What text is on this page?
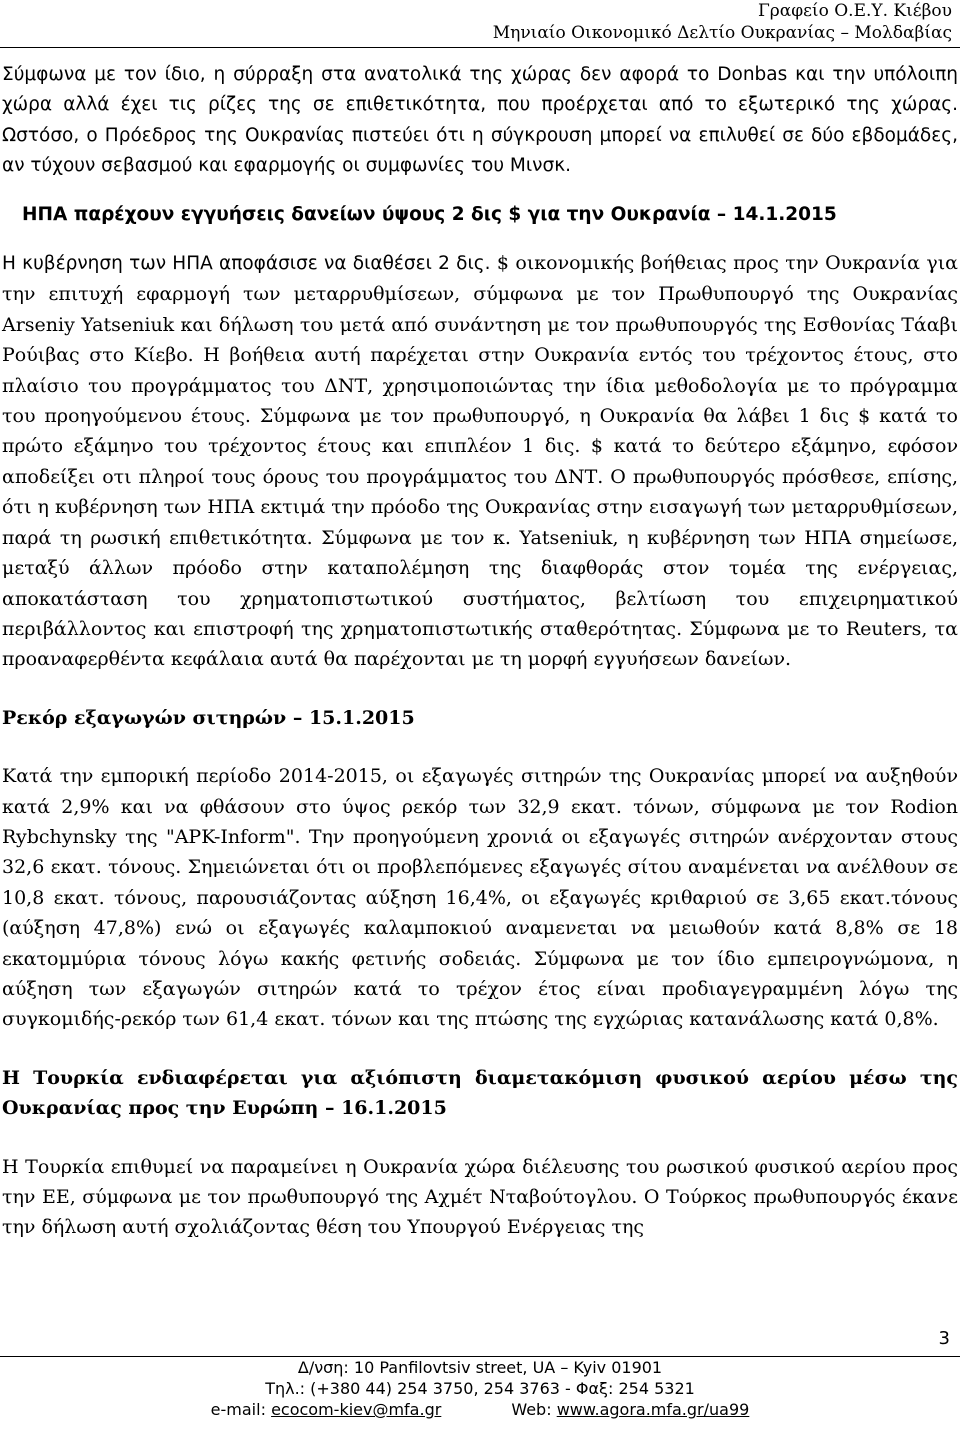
Γραφείο Ο.Ε.Υ. Κιέβου
Μηνιαίο Οικονομικό Δελτίο Ουκρανίας – Μολδαβίας

Σύμφωνα με τον ίδιο, η σύρραξη στα ανατολικά της χώρας δεν αφορά το Donbas και την υπόλοιπη χώρα αλλά έχει τις ρίζες της σε επιθετικότητα, που προέρχεται από το εξωτερικό της χώρας. Ωστόσο, ο Πρόεδρος της Ουκρανίας πιστεύει ότι η σύγκρουση μπορεί να επιλυθεί σε δύο εβδομάδες, αν τύχουν σεβασμού και εφαρμογής οι συμφωνίες του Μινσκ.

ΗΠΑ παρέχουν εγγυήσεις δανείων ύψους 2 δις $ για την Ουκρανία – 14.1.2015

Η κυβέρνηση των ΗΠΑ αποφάσισε να διαθέσει 2 δις. $ οικονομικής βοήθειας προς την Ουκρανία για την επιτυχή εφαρμογή των μεταρρυθμίσεων, σύμφωνα με τον Πρωθυπουργό της Ουκρανίας Arseniy Yatseniuk και δήλωση του μετά από συνάντηση με τον πρωθυπουργός της Εσθονίας Τάαβι Ρούιβας στο Κίεβο. Η βοήθεια αυτή παρέχεται στην Ουκρανία εντός του τρέχοντος έτους, στο πλαίσιο του προγράμματος του ΔΝΤ, χρησιμοποιώντας την ίδια μεθοδολογία με το πρόγραμμα του προηγούμενου έτους. Σύμφωνα με τον πρωθυπουργό, η Ουκρανία θα λάβει 1 δις $ κατά το πρώτο εξάμηνο του τρέχοντος έτους και επιπλέον 1 δις. $ κατά το δεύτερο εξάμηνο, εφόσον αποδείξει οτι πληροί τους όρους του προγράμματος του ΔΝΤ. Ο πρωθυπουργός πρόσθεσε, επίσης, ότι η κυβέρνηση των ΗΠΑ εκτιμά την πρόοδο της Ουκρανίας στην εισαγωγή των μεταρρυθμίσεων, παρά τη ρωσική επιθετικότητα. Σύμφωνα με τον κ. Yatseniuk, η κυβέρνηση των ΗΠΑ σημείωσε, μεταξύ άλλων πρόοδο στην καταπολέμηση της διαφθοράς στον τομέα της ενέργειας, αποκατάσταση του χρηματοπιστωτικού συστήματος, βελτίωση του επιχειρηματικού περιβάλλοντος και επιστροφή της χρηματοπιστωτικής σταθερότητας. Σύμφωνα με το Reuters, τα προαναφερθέντα κεφάλαια αυτά θα παρέχονται με τη μορφή εγγυήσεων δανείων.

Ρεκόρ εξαγωγών σιτηρών – 15.1.2015

Κατά την εμπορική περίοδο 2014-2015, οι εξαγωγές σιτηρών της Ουκρανίας μπορεί να αυξηθούν κατά 2,9% και να φθάσουν στο ύψος ρεκόρ των 32,9 εκατ. τόνων, σύμφωνα με τον Rodion Rybchynsky της "APK-Inform". Την προηγούμενη χρονιά οι εξαγωγές σιτηρών ανέρχονταν στους 32,6 εκατ. τόνους. Σημειώνεται ότι οι προβλεπόμενες εξαγωγές σίτου αναμένεται να ανέλθουν σε 10,8 εκατ. τόνους, παρουσιάζοντας αύξηση 16,4%, οι εξαγωγές κριθαριού σε 3,65 εκατ.τόνους (αύξηση 47,8%) ενώ οι εξαγωγές καλαμποκιού αναμενεται να μειωθούν κατά 8,8% σε 18 εκατομμύρια τόνους λόγω κακής φετινής σοδειάς. Σύμφωνα με τον ίδιο εμπειρογνώμονα, η αύξηση των εξαγωγών σιτηρών κατά το τρέχον έτος είναι προδιαγεγραμμένη λόγω της συγκομιδής-ρεκόρ των 61,4 εκατ. τόνων και της πτώσης της εγχώριας κατανάλωσης κατά 0,8%.

Η Τουρκία ενδιαφέρεται για αξιόπιστη διαμετακόμιση φυσικού αερίου μέσω της Ουκρανίας προς την Ευρώπη – 16.1.2015

Η Τουρκία επιθυμεί να παραμείνει η Ουκρανία χώρα διέλευσης του ρωσικού φυσικού αερίου προς την ΕΕ, σύμφωνα με τον πρωθυπουργό της Αχμέτ Νταβούτογλου. Ο Τούρκος πρωθυπουργός έκανε την δήλωση αυτή σχολιάζοντας θέση του Υπουργού Ενέργειας της

3
Δ/νση: 10 Panfilovtsiv street, UA – Kyiv 01901
Τηλ.: (+380 44) 254 3750, 254 3763 - Φαξ: 254 5321
e-mail: ecocom-kiev@mfa.gr	Web: www.agora.mfa.gr/ua99
